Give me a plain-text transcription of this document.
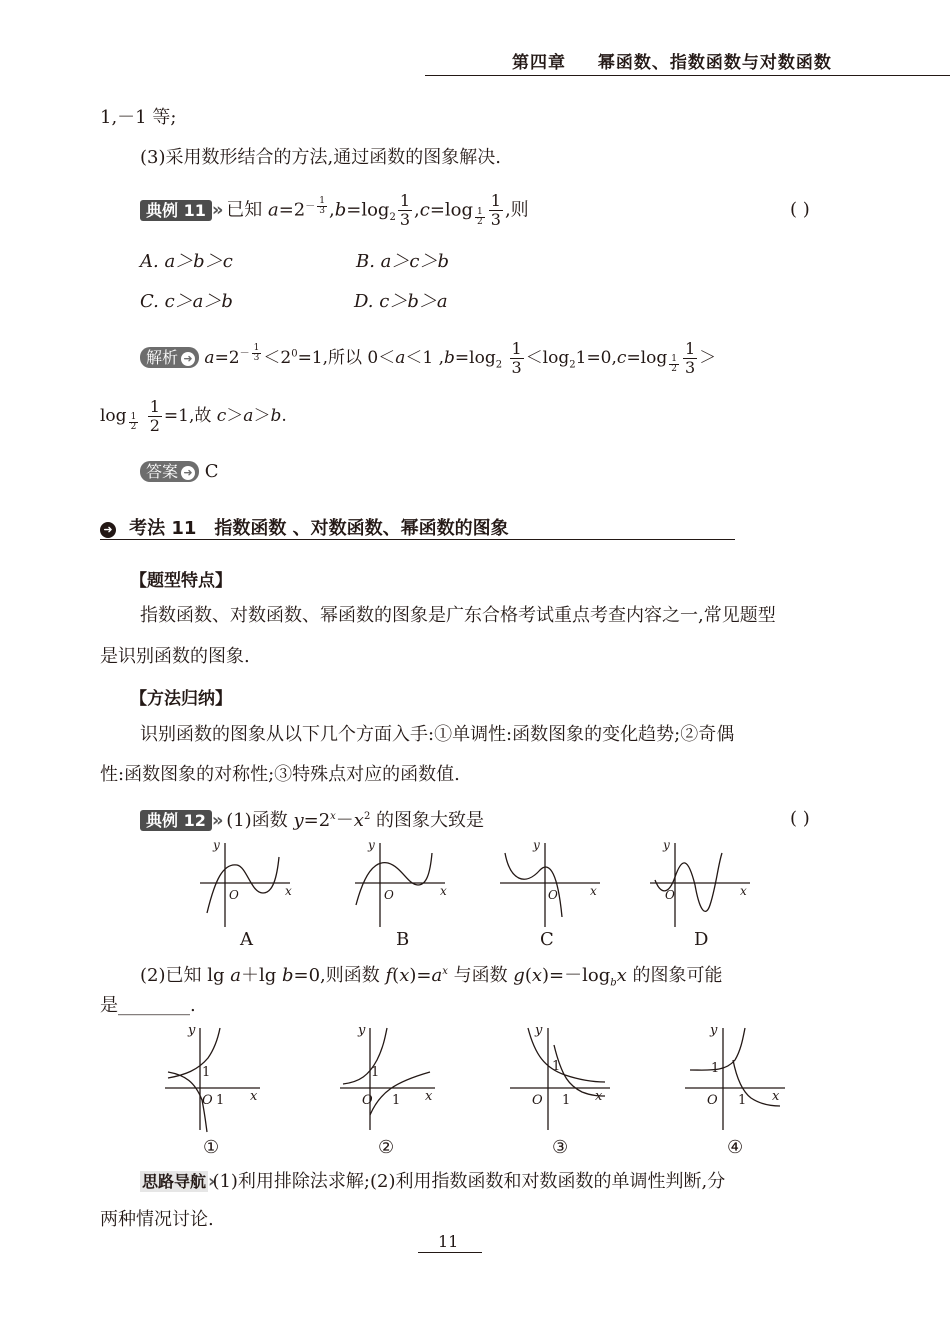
第四章 幂函数、指数函数与对数函数
1,－1 等;
(3)采用数形结合的方法,通过函数的图象解决.
典例 11 » 已知 $a=2^{- \frac{1}{3}}$ $,b=\log_2 \frac{1}{3} ,c=\log$ $_{\frac{1}{2}} \frac{1}{3}$ ,则	( )
A. a＞b＞c	B. a＞c＞b
C. c＞a＞b	D. c＞b＞a
解析 ➜ $a=2^{- \frac{1}{3}} <2^0=1$,所以 0＜a＜1 $,b=\log_2 \frac{1}{3} <\log_21=0,c=\log$ $_{\frac{1}{2}} \frac{1}{3}$ ＞
log $_{\frac{1}{2}}$
$\frac{1}{2} =1$,故 c＞a＞b.
答案 ➜ C
➜ 考法 11　指数函数 、对数函数、幂函数的图象
【题型特点】
指数函数、对数函数、幂函数的图象是广东合格考试重点考查内容之一,常见题型
是识别函数的图象.
【方法归纳】
识别函数的图象从以下几个方面入手:①单调性:函数图象的变化趋势;②奇偶
性:函数图象的对称性;③特殊点对应的函数值.
典例 12 » (1)函数 $y=2^x-x^2$ 的图象大致是	( )
y
x
O
y
x
O
y
x
O
y
x
O
A	B	C	D
(2)已知 lg a＋lg b=0,则函数 $f(x)=a^x$ 与函数 $g(x)=-\log_bx$ 的图象可能
是________.
y
x
O 1
1
y
x
O 1
1
y
x
O 1
1
y
x
O 1
1
①	②	③	④
思路导航 ›(1)利用排除法求解;(2)利用指数函数和对数函数的单调性判断,分
两种情况讨论.
11
